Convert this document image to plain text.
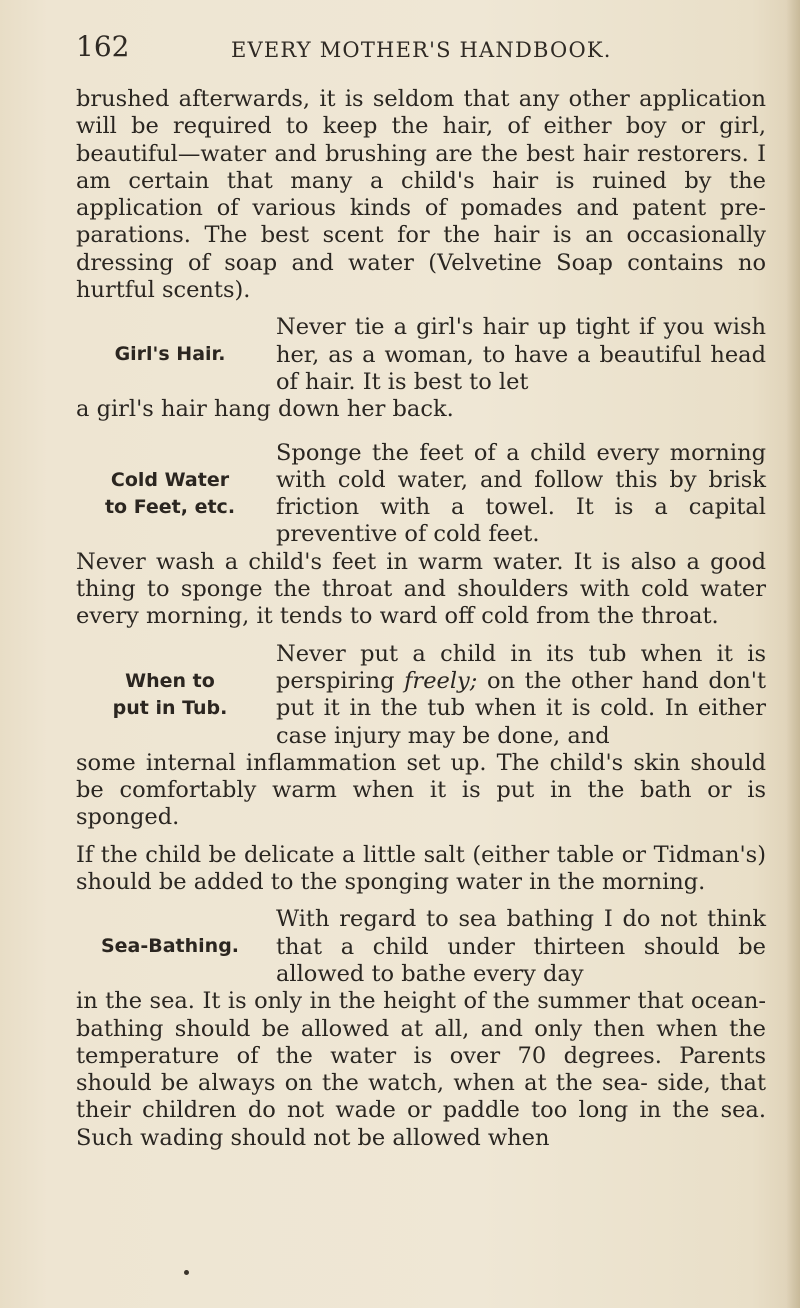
162	EVERY MOTHER'S HANDBOOK.

brushed afterwards, it is seldom that any other application will be required to keep the hair, of either boy or girl, beautiful—water and brushing are the best hair restorers. I am certain that many a child's hair is ruined by the application of various kinds of pomades and patent pre- parations. The best scent for the hair is an occasionally dressing of soap and water (Velvetine Soap contains no hurtful scents).

Girl's Hair.
Never tie a girl's hair up tight if you wish her, as a woman, to have a beautiful head of hair. It is best to let

a girl's hair hang down her back.

Cold Water
to Feet, etc.
Sponge the feet of a child every morning with cold water, and follow this by brisk friction with a towel. It is a capital preventive of cold feet.

Never wash a child's feet in warm water. It is also a good thing to sponge the throat and shoulders with cold water every morning, it tends to ward off cold from the throat.

When to
put in Tub.
Never put a child in its tub when it is perspiring freely; on the other hand don't put it in the tub when it is cold. In either case injury may be done, and

some internal inflammation set up. The child's skin should be comfortably warm when it is put in the bath or is sponged.

If the child be delicate a little salt (either table or Tidman's) should be added to the sponging water in the morning.

Sea-Bathing.
With regard to sea bathing I do not think that a child under thirteen should be allowed to bathe every day

in the sea. It is only in the height of the summer that ocean-bathing should be allowed at all, and only then when the temperature of the water is over 70 degrees. Parents should be always on the watch, when at the sea- side, that their children do not wade or paddle too long in the sea. Such wading should not be allowed when
